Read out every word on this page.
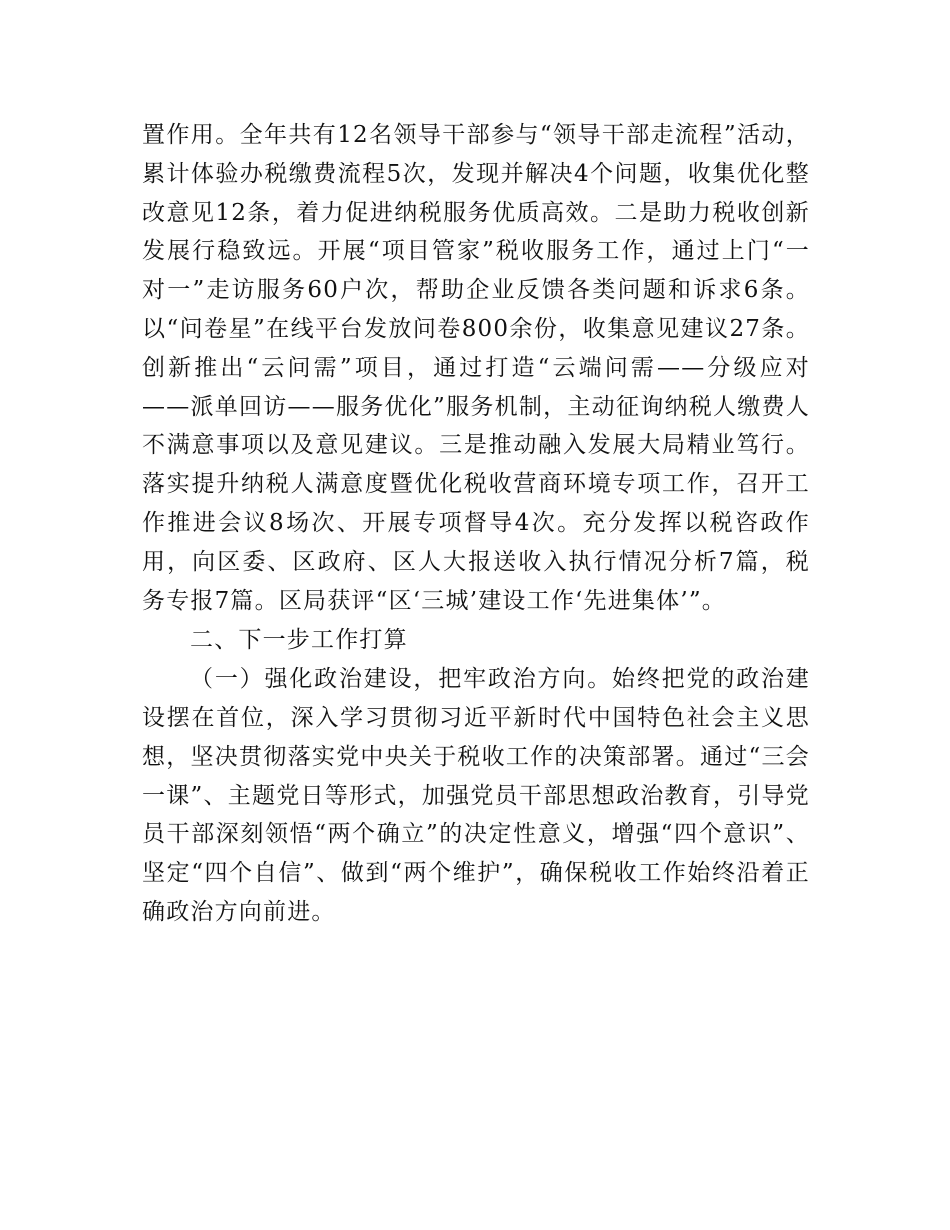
置作用。全年共有12名领导干部参与“领导干部走流程”活动，累计体验办税缴费流程5次，发现并解决4个问题，收集优化整改意见12条，着力促进纳税服务优质高效。二是助力税收创新发展行稳致远。开展“项目管家”税收服务工作，通过上门“一对一”走访服务60户次，帮助企业反馈各类问题和诉求6条。以“问卷星”在线平台发放问卷800余份，收集意见建议27条。创新推出“云问需”项目，通过打造“云端问需——分级应对——派单回访——服务优化”服务机制，主动征询纳税人缴费人不满意事项以及意见建议。三是推动融入发展大局精业笃行。落实提升纳税人满意度暨优化税收营商环境专项工作，召开工作推进会议8场次、开展专项督导4次。充分发挥以税咨政作用，向区委、区政府、区人大报送收入执行情况分析7篇，税务专报7篇。区局获评“区‘三城’建设工作‘先进集体’”。

二、下一步工作打算

（一）强化政治建设，把牢政治方向。始终把党的政治建设摆在首位，深入学习贯彻习近平新时代中国特色社会主义思想，坚决贯彻落实党中央关于税收工作的决策部署。通过“三会一课”、主题党日等形式，加强党员干部思想政治教育，引导党员干部深刻领悟“两个确立”的决定性意义，增强“四个意识”、坚定“四个自信”、做到“两个维护”，确保税收工作始终沿着正确政治方向前进。
